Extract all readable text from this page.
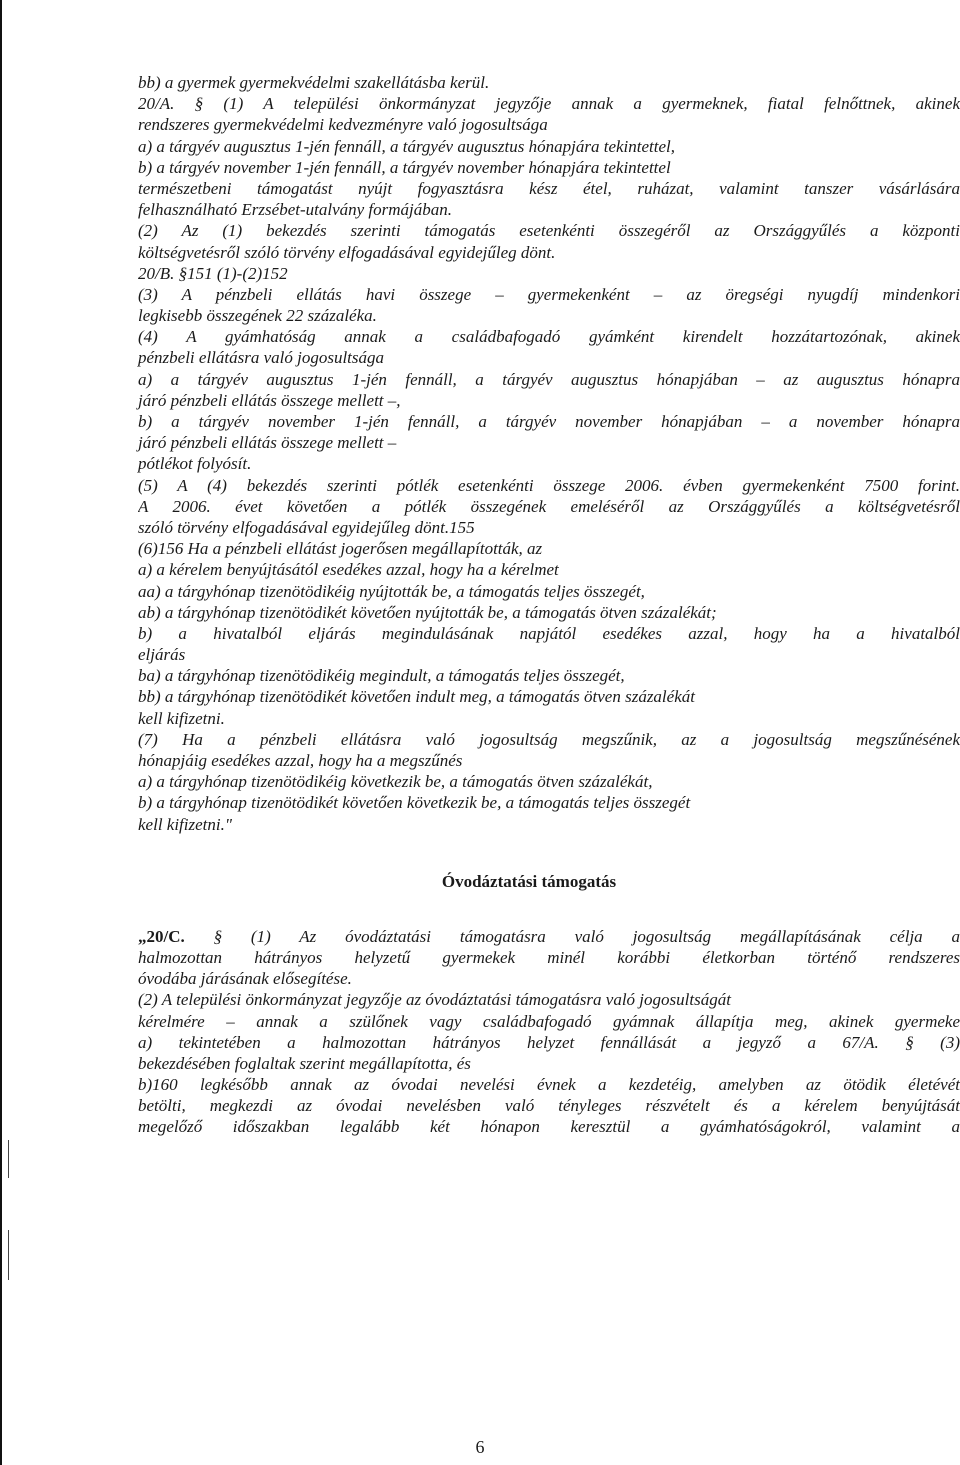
bb) a gyermek gyermekvédelmi szakellátásba kerül.
20/A. § (1) A települési önkormányzat jegyzője annak a gyermeknek, fiatal felnőttnek, akinek
rendszeres gyermekvédelmi kedvezményre való jogosultsága
a) a tárgyév augusztus 1-jén fennáll, a tárgyév augusztus hónapjára tekintettel,
b) a tárgyév november 1-jén fennáll, a tárgyév november hónapjára tekintettel
természetbeni támogatást nyújt fogyasztásra kész étel, ruházat, valamint tanszer vásárlására
felhasználható Erzsébet-utalvány formájában.
(2) Az (1) bekezdés szerinti támogatás esetenkénti összegéről az Országgyűlés a központi
költségvetésről szóló törvény elfogadásával egyidejűleg dönt.
20/B. §151 (1)-(2)152
(3) A pénzbeli ellátás havi összege – gyermekenként – az öregségi nyugdíj mindenkori
legkisebb összegének 22 százaléka.
(4) A gyámhatóság annak a családbafogadó gyámként kirendelt hozzátartozónak, akinek
pénzbeli ellátásra való jogosultsága
a) a tárgyév augusztus 1-jén fennáll, a tárgyév augusztus hónapjában – az augusztus hónapra
járó pénzbeli ellátás összege mellett –,
b) a tárgyév november 1-jén fennáll, a tárgyév november hónapjában – a november hónapra
járó pénzbeli ellátás összege mellett –
pótlékot folyósít.
(5) A (4) bekezdés szerinti pótlék esetenkénti összege 2006. évben gyermekenként 7500 forint.
A 2006. évet követően a pótlék összegének emeléséről az Országgyűlés a költségvetésről
szóló törvény elfogadásával egyidejűleg dönt.155
(6)156 Ha a pénzbeli ellátást jogerősen megállapították, az
a) a kérelem benyújtásától esedékes azzal, hogy ha a kérelmet
aa) a tárgyhónap tizenötödikéig nyújtották be, a támogatás teljes összegét,
ab) a tárgyhónap tizenötödikét követően nyújtották be, a támogatás ötven százalékát;
b) a hivatalból eljárás megindulásának napjától esedékes azzal, hogy ha a hivatalból
eljárás
ba) a tárgyhónap tizenötödikéig megindult, a támogatás teljes összegét,
bb) a tárgyhónap tizenötödikét követően indult meg, a támogatás ötven százalékát
kell kifizetni.
(7) Ha a pénzbeli ellátásra való jogosultság megszűnik, az a jogosultság megszűnésének
hónapjáig esedékes azzal, hogy ha a megszűnés
a) a tárgyhónap tizenötödikéig következik be, a támogatás ötven százalékát,
b) a tárgyhónap tizenötödikét követően következik be, a támogatás teljes összegét
kell kifizetni."
Óvodáztatási támogatás
„20/C. § (1) Az óvodáztatási támogatásra való jogosultság megállapításának célja a
halmozottan hátrányos helyzetű gyermekek minél korábbi életkorban történő rendszeres
óvodába járásának elősegítése.
(2) A települési önkormányzat jegyzője az óvodáztatási támogatásra való jogosultságát
kérelmére – annak a szülőnek vagy családbafogadó gyámnak állapítja meg, akinek gyermeke
a) tekintetében a halmozottan hátrányos helyzet fennállását a jegyző a 67/A. § (3)
bekezdésében foglaltak szerint megállapította, és
b)160 legkésőbb annak az óvodai nevelési évnek a kezdetéig, amelyben az ötödik életévét
betölti, megkezdi az óvodai nevelésben való tényleges részvételt és a kérelem benyújtását
megelőző időszakban legalább két hónapon keresztül a gyámhatóságokról, valamint a
6
